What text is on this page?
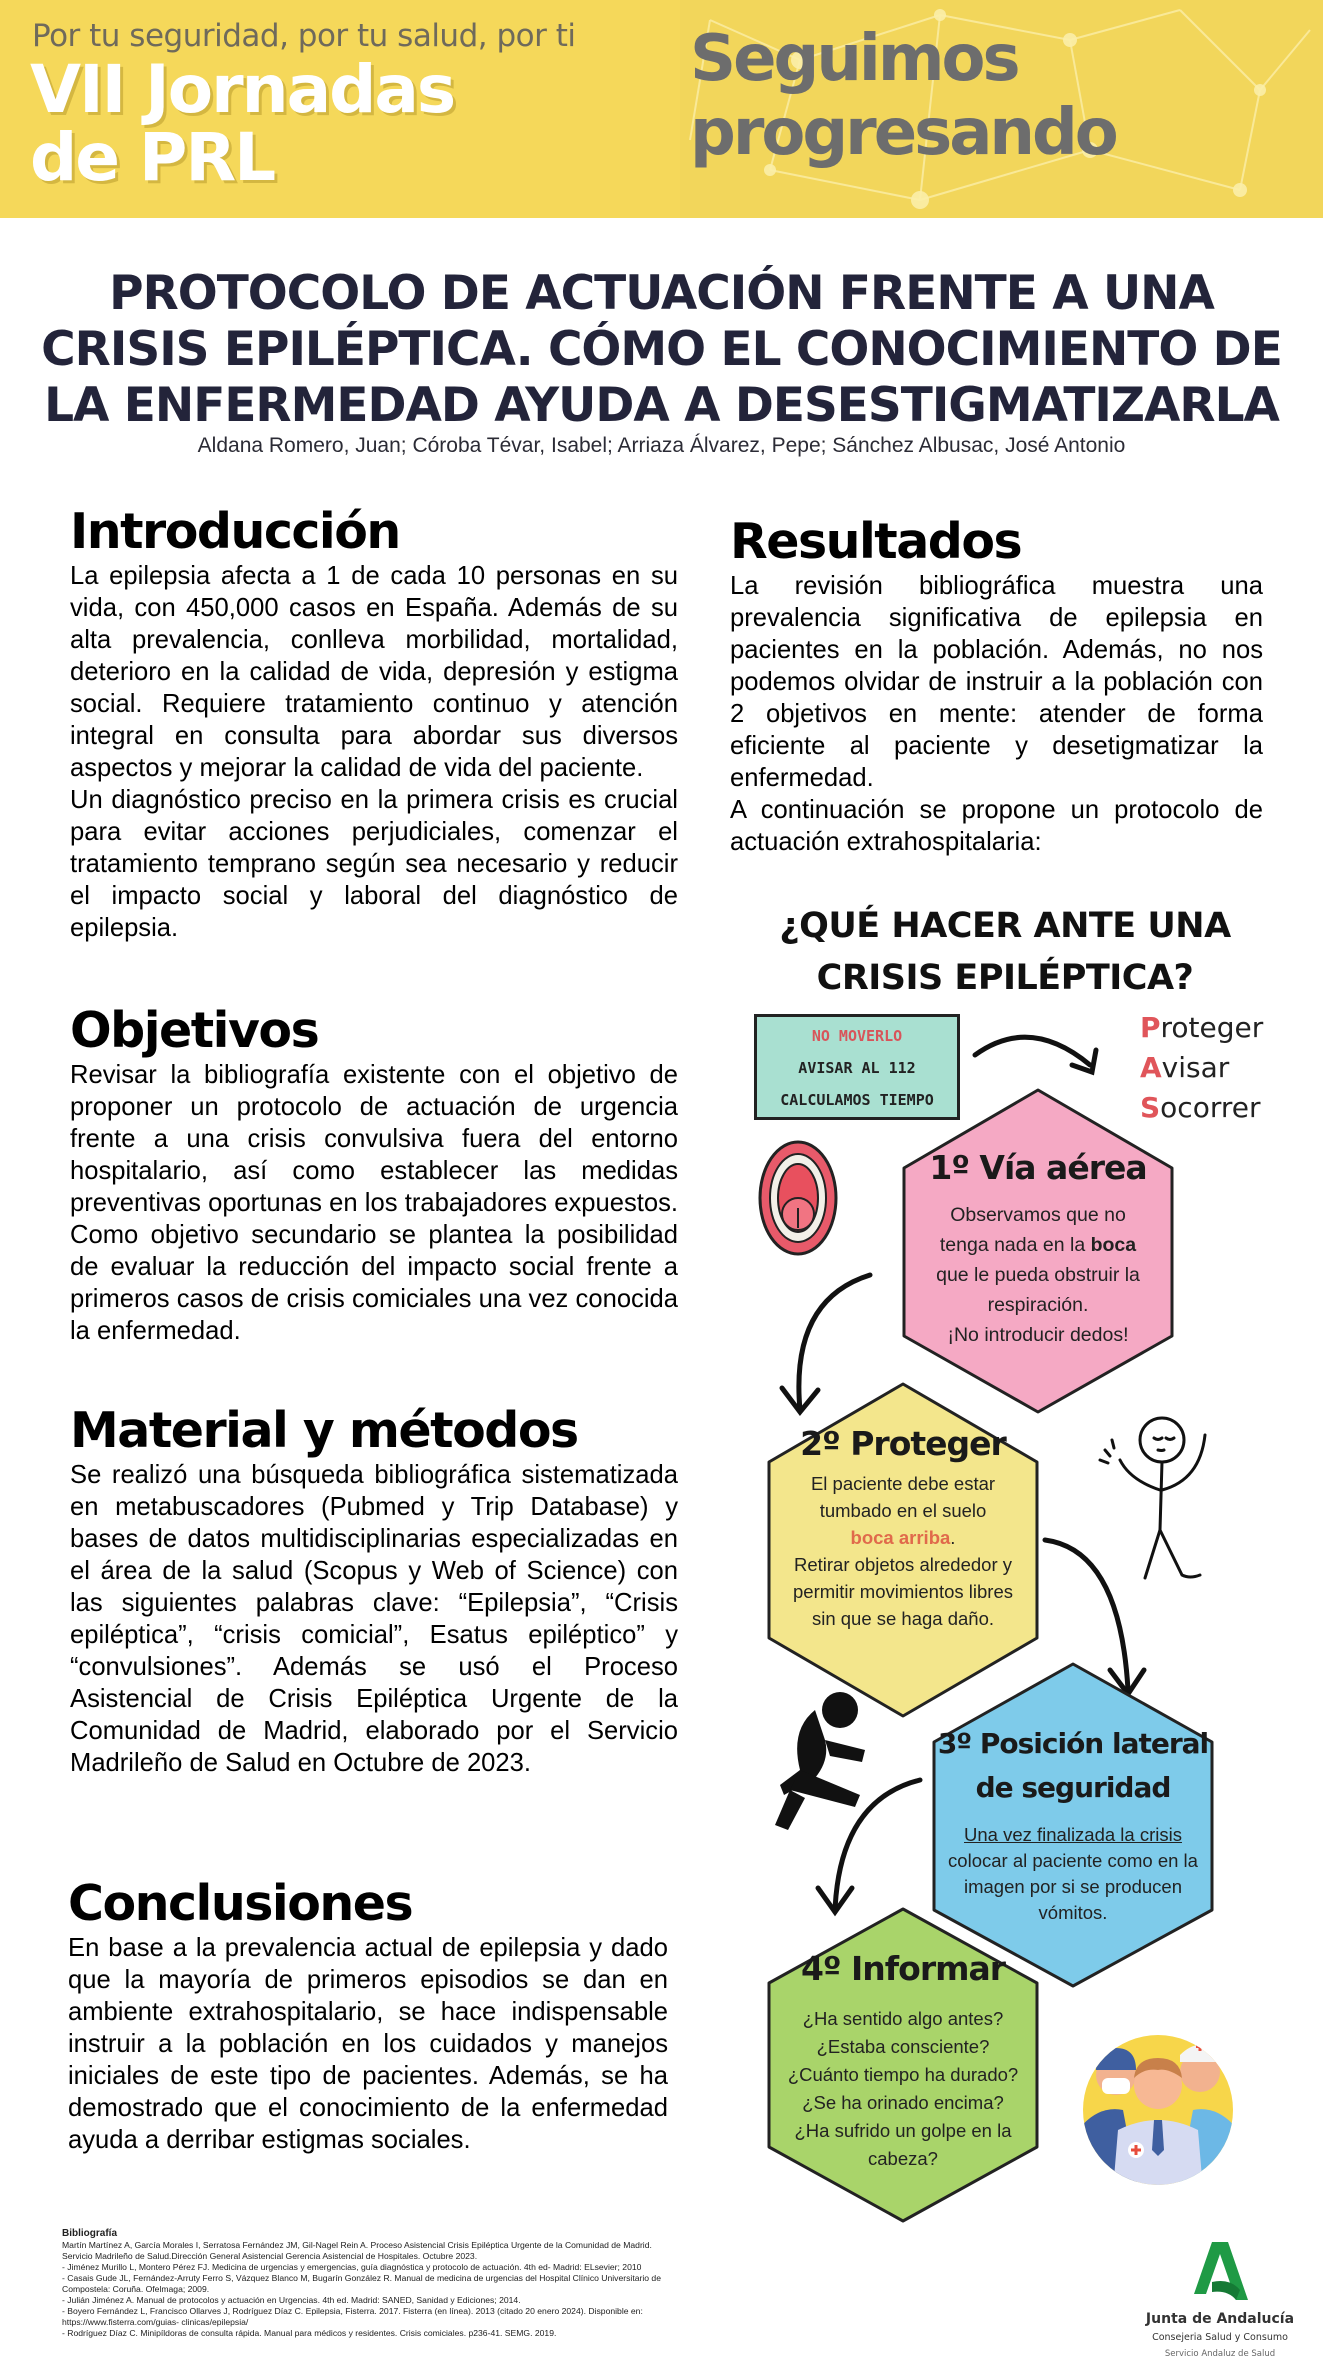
Por tu seguridad, por tu salud, por ti
VII Jornadas
de PRL
Seguimos
progresando
PROTOCOLO DE ACTUACIÓN FRENTE A UNA CRISIS EPILÉPTICA. CÓMO EL CONOCIMIENTO DE LA ENFERMEDAD AYUDA A DESESTIGMATIZARLA
Aldana Romero, Juan; Córoba Tévar, Isabel; Arriaza Álvarez, Pepe; Sánchez Albusac, José Antonio
Introducción

La epilepsia afecta a 1 de cada 10 personas en su vida, con 450,000 casos en España. Además de su alta prevalencia, conlleva morbilidad, mortalidad, deterioro en la calidad de vida, depresión y estigma social. Requiere tratamiento continuo y atención integral en consulta para abordar sus diversos aspectos y mejorar la calidad de vida del paciente.

Un diagnóstico preciso en la primera crisis es crucial para evitar acciones perjudiciales, comenzar el tratamiento temprano según sea necesario y reducir el impacto social y laboral del diagnóstico de epilepsia.

Objetivos

Revisar la bibliografía existente con el objetivo de proponer un protocolo de actuación de urgencia frente a una crisis convulsiva fuera del entorno hospitalario, así como establecer las medidas preventivas oportunas en los trabajadores expuestos. Como objetivo secundario se plantea la posibilidad de evaluar la reducción del impacto social frente a primeros casos de crisis comiciales una vez conocida la enfermedad.

Material y métodos

Se realizó una búsqueda bibliográfica sistematizada en metabuscadores (Pubmed y Trip Database) y bases de datos multidisciplinarias especializadas en el área de la salud (Scopus y Web of Science) con las siguientes palabras clave: “Epilepsia”, “Crisis epiléptica”, “crisis comicial”, Esatus epiléptico” y “convulsiones”. Además se usó el Proceso Asistencial de Crisis Epiléptica Urgente de la Comunidad de Madrid, elaborado por el Servicio Madrileño de Salud en Octubre de 2023.

Conclusiones

En base a la prevalencia actual de epilepsia y dado que la mayoría de primeros episodios se dan en ambiente extrahospitalario, se hace indispensable instruir a la población en los cuidados y manejos iniciales de este tipo de pacientes. Además, se ha demostrado que el conocimiento de la enfermedad ayuda a derribar estigmas sociales.

Bibliografía
Martín Martínez A, García Morales I, Serratosa Fernández JM, Gil-Nagel Rein A. Proceso Asistencial Crisis Epiléptica Urgente de la Comunidad de Madrid. Servicio Madrileño de Salud.Dirección General Asistencial Gerencia Asistencial de Hospitales. Octubre 2023.
- Jiménez Murillo L, Montero Pérez FJ. Medicina de urgencias y emergencias, guía diagnóstica y protocolo de actuación. 4th ed- Madrid: ELsevier; 2010
- Casais Gude JL, Fernández-Arruty Ferro S, Vázquez Blanco M, Bugarín González R. Manual de medicina de urgencias del Hospital Clínico Universitario de Compostela: Coruña. Ofelmaga; 2009.
- Julián Jiménez A. Manual de protocolos y actuación en Urgencias. 4th ed. Madrid: SANED, Sanidad y Ediciones; 2014.
- Boyero Fernández L, Francisco Ollarves J, Rodríguez Díaz C. Epilepsia, Fisterra. 2017. Fisterra (en línea). 2013 (citado 20 enero 2024). Disponible en: https://www.fisterra.com/guias- clinicas/epilepsia/
- Rodríguez Díaz C. Minipíldoras de consulta rápida. Manual para médicos y residentes. Crisis comiciales. p236-41. SEMG. 2019.
Resultados

La revisión bibliográfica muestra una prevalencia significativa de epilepsia en pacientes en la población. Además, no nos podemos olvidar de instruir a la población con 2 objetivos en mente: atender de forma eficiente al paciente y desetigmatizar la enfermedad.

A continuación se propone un protocolo de actuación extrahospitalaria:

¿QUÉ HACER ANTE UNA
CRISIS EPILÉPTICA?
NO MOVERLO
AVISAR AL 112
CALCULAMOS TIEMPO
Proteger
Avisar
Socorrer
1º Vía aérea
Observamos que no
tenga nada en la boca
que le pueda obstruir la
respiración.
¡No introducir dedos!
2º Proteger
El paciente debe estar
tumbado en el suelo
boca arriba.
Retirar objetos alrededor y
permitir movimientos libres
sin que se haga daño.
3º Posición lateral
de seguridad
Una vez finalizada la crisis
colocar al paciente como en la
imagen por si se producen
vómitos.
4º Informar
¿Ha sentido algo antes?
¿Estaba consciente?
¿Cuánto tiempo ha durado?
¿Se ha orinado encima?
¿Ha sufrido un golpe en la
cabeza?
Junta de Andalucía
Consejeria Salud y Consumo
Servicio Andaluz de Salud
